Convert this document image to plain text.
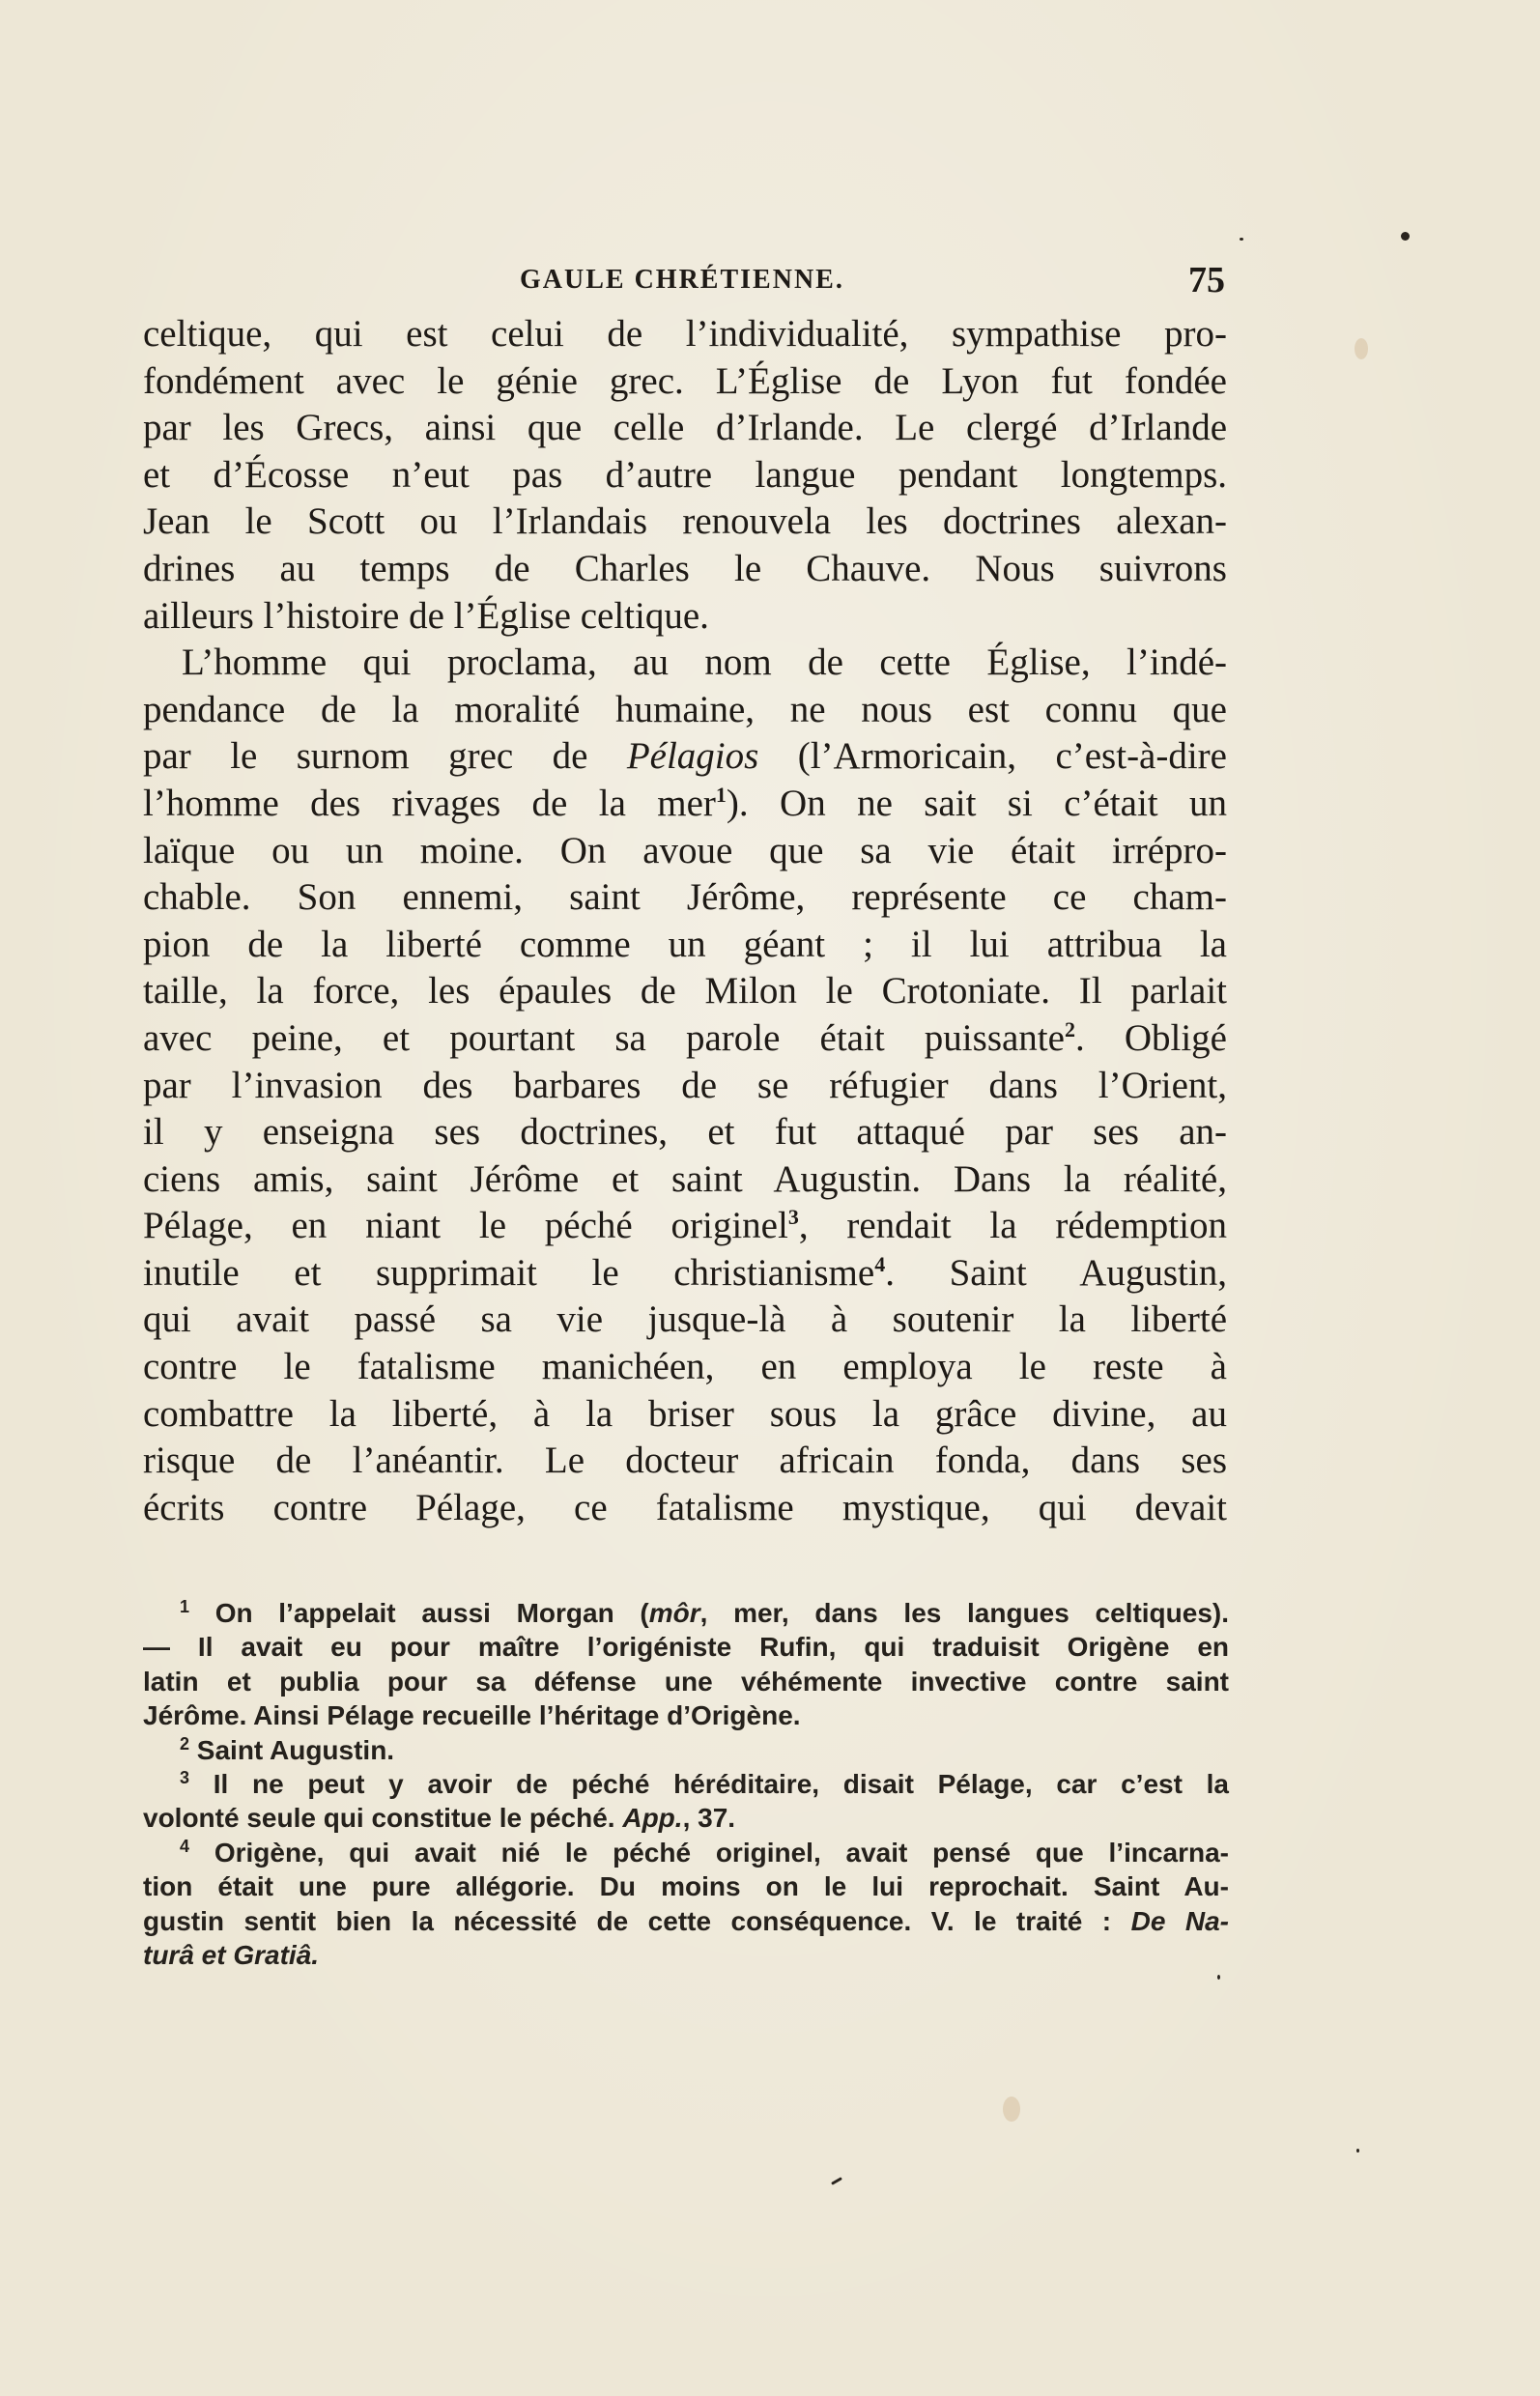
GAULE CHRÉTIENNE.	75
celtique, qui est celui de l’individualité, sympathise pro-
fondément avec le génie grec. L’Église de Lyon fut fondée
par les Grecs, ainsi que celle d’Irlande. Le clergé d’Irlande
et d’Écosse n’eut pas d’autre langue pendant longtemps.
Jean le Scott ou l’Irlandais renouvela les doctrines alexan-
drines au temps de Charles le Chauve. Nous suivrons
ailleurs l’histoire de l’Église celtique.
L’homme qui proclama, au nom de cette Église, l’indé-
pendance de la moralité humaine, ne nous est connu que
par le surnom grec de Pélagios (l’Armoricain, c’est-à-dire
l’homme des rivages de la mer$^1$). On ne sait si c’était un
laïque ou un moine. On avoue que sa vie était irrépro-
chable. Son ennemi, saint Jérôme, représente ce cham-
pion de la liberté comme un géant ; il lui attribua la
taille, la force, les épaules de Milon le Crotoniate. Il parlait
avec peine, et pourtant sa parole était puissante$^2$. Obligé
par l’invasion des barbares de se réfugier dans l’Orient,
il y enseigna ses doctrines, et fut attaqué par ses an-
ciens amis, saint Jérôme et saint Augustin. Dans la réalité,
Pélage, en niant le péché originel$^3$, rendait la rédemption
inutile et supprimait le christianisme$^4$. Saint Augustin,
qui avait passé sa vie jusque-là à soutenir la liberté
contre le fatalisme manichéen, en employa le reste à
combattre la liberté, à la briser sous la grâce divine, au
risque de l’anéantir. Le docteur africain fonda, dans ses
écrits contre Pélage, ce fatalisme mystique, qui devait
$^1$ On l’appelait aussi Morgan (môr, mer, dans les langues celtiques).
— Il avait eu pour maître l’origéniste Rufin, qui traduisit Origène en
latin et publia pour sa défense une véhémente invective contre saint
Jérôme. Ainsi Pélage recueille l’héritage d’Origène.
$^2$ Saint Augustin.
$^3$ Il ne peut y avoir de péché héréditaire, disait Pélage, car c’est la
volonté seule qui constitue le péché. App., 37.
$^4$ Origène, qui avait nié le péché originel, avait pensé que l’incarna-
tion était une pure allégorie. Du moins on le lui reprochait. Saint Au-
gustin sentit bien la nécessité de cette conséquence. V. le traité : De Na-
turâ et Gratiâ.
